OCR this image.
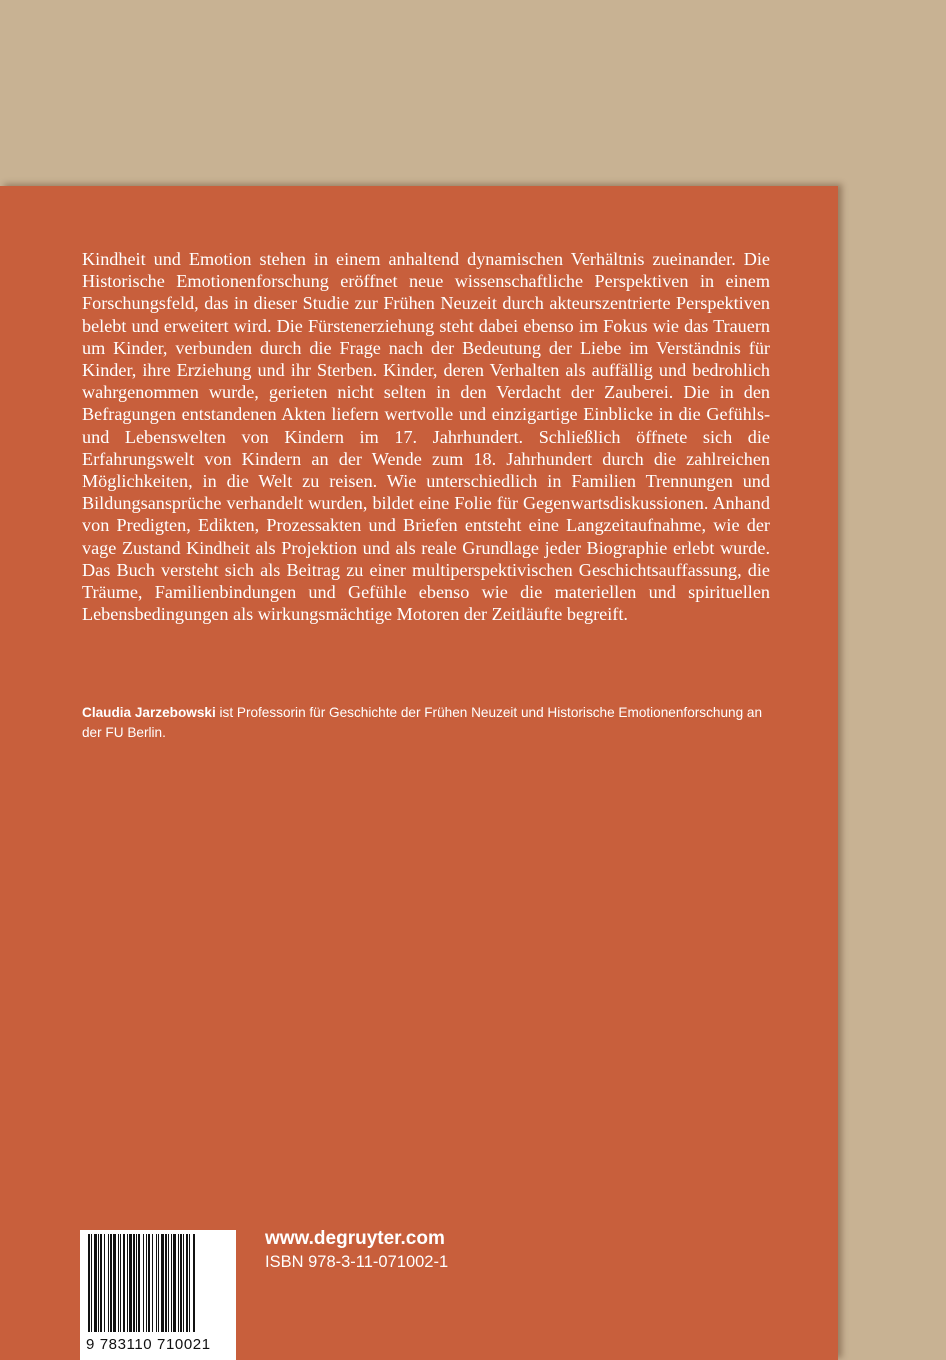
Kindheit und Emotion stehen in einem anhaltend dynamischen Verhältnis zueinander. Die Historische Emotionenforschung eröffnet neue wissenschaftliche Perspektiven in einem Forschungsfeld, das in dieser Studie zur Frühen Neuzeit durch akteurszentrierte Perspektiven belebt und erweitert wird. Die Fürstenerziehung steht dabei ebenso im Fokus wie das Trauern um Kinder, verbunden durch die Frage nach der Bedeutung der Liebe im Verständnis für Kinder, ihre Erziehung und ihr Sterben. Kinder, deren Verhalten als auffällig und bedrohlich wahrgenommen wurde, gerieten nicht selten in den Verdacht der Zauberei. Die in den Befragungen entstandenen Akten liefern wertvolle und einzigartige Einblicke in die Gefühls- und Lebenswelten von Kindern im 17. Jahrhundert. Schließlich öffnete sich die Erfahrungswelt von Kindern an der Wende zum 18. Jahrhundert durch die zahlreichen Möglichkeiten, in die Welt zu reisen. Wie unterschiedlich in Familien Trennungen und Bildungsansprüche verhandelt wurden, bildet eine Folie für Gegenwartsdiskussionen. Anhand von Predigten, Edikten, Prozessakten und Briefen entsteht eine Langzeitaufnahme, wie der vage Zustand Kindheit als Projektion und als reale Grundlage jeder Biographie erlebt wurde. Das Buch versteht sich als Beitrag zu einer multiperspektivischen Geschichtsauffassung, die Träume, Familienbindungen und Gefühle ebenso wie die materiellen und spirituellen Lebensbedingungen als wirkungsmächtige Motoren der Zeitläufte begreift.

Claudia Jarzebowski ist Professorin für Geschichte der Frühen Neuzeit und Historische Emotionenforschung an der FU Berlin.

9 783110 710021
www.degruyter.com
ISBN 978-3-11-071002-1
